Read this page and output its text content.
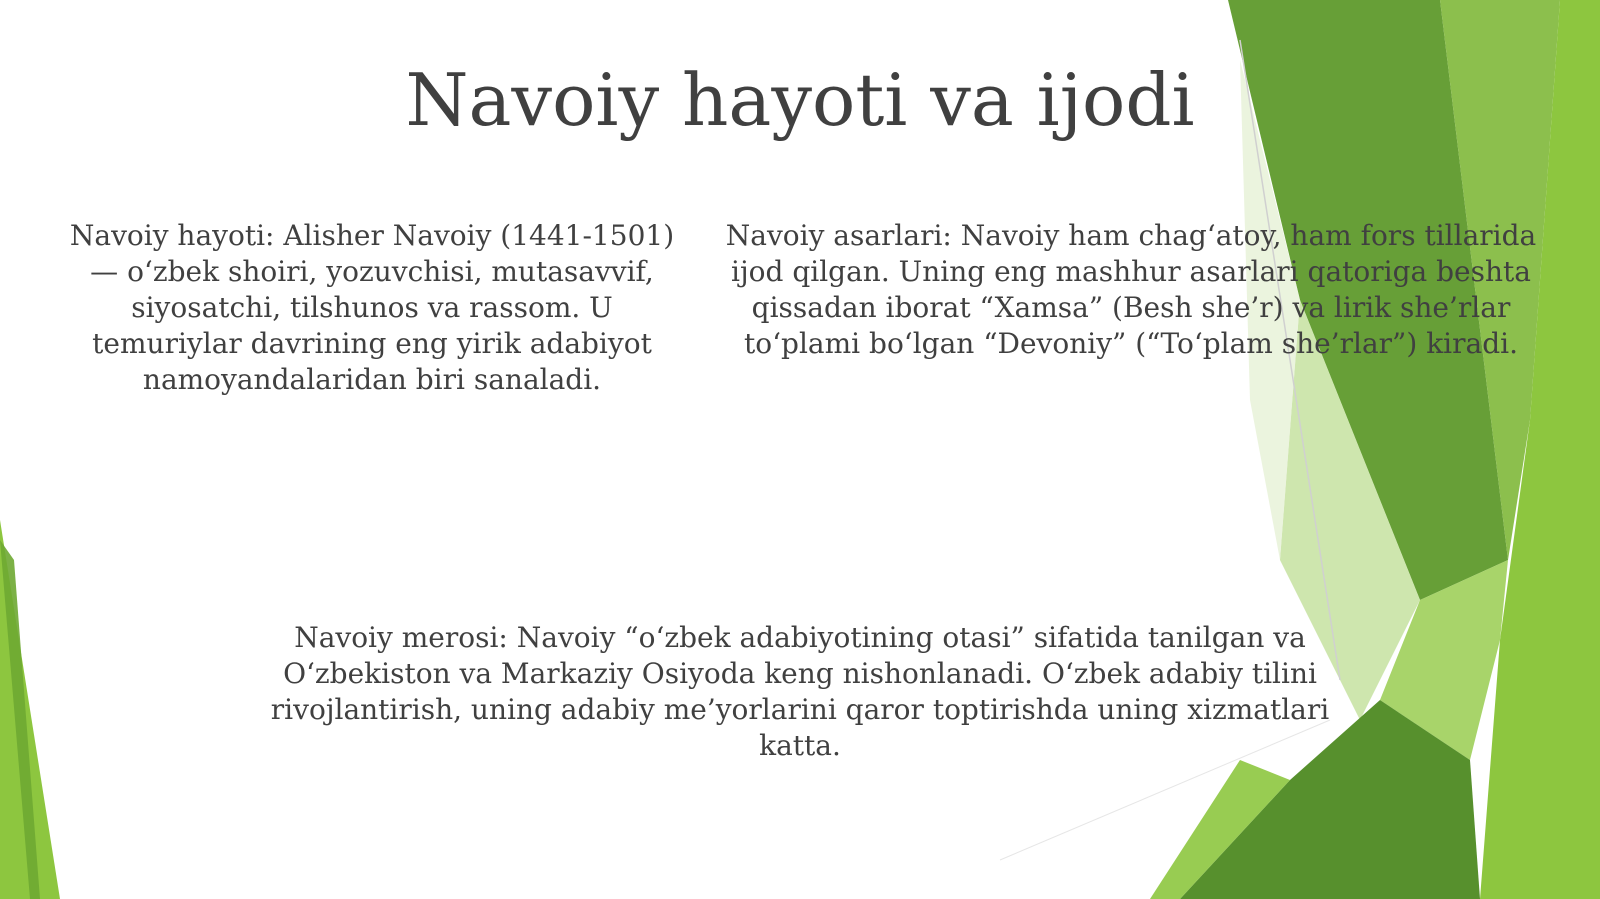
Navoiy hayoti va ijodi

Navoiy hayoti: Alisher Navoiy (1441-1501) — o‘zbek shoiri, yozuvchisi, mutasavvif, siyosatchi, tilshunos va rassom. U temuriylar davrining eng yirik adabiyot namoyandalaridan biri sanaladi.

Navoiy asarlari: Navoiy ham chag‘atoy, ham fors tillarida ijod qilgan. Uning eng mashhur asarlari qatoriga beshta qissadan iborat “Xamsa” (Besh she’r) va lirik she’rlar to‘plami bo‘lgan “Devoniy” (“To‘plam she’rlar”) kiradi.

Navoiy merosi: Navoiy “o‘zbek adabiyotining otasi” sifatida tanilgan va O‘zbekiston va Markaziy Osiyoda keng nishonlanadi. O‘zbek adabiy tilini rivojlantirish, uning adabiy me’yorlarini qaror toptirishda uning xizmatlari katta.
